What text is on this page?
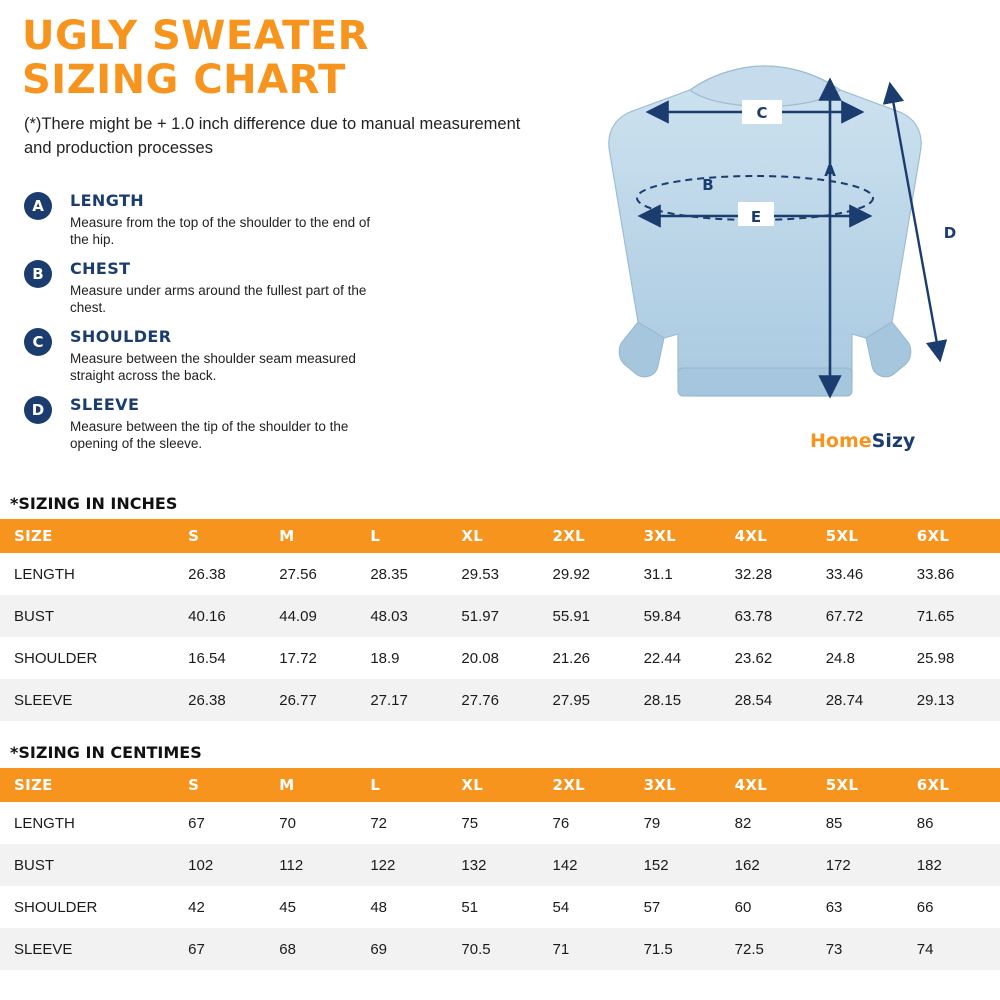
UGLY SWEATER
SIZING CHART
(*)There might be + 1.0 inch difference due to manual measurement and production processes
A	LENGTH
Measure from the top of the shoulder to the end of the hip.
B	CHEST
Measure under arms around the fullest part of the chest.
C	SHOULDER
Measure between the shoulder seam measured straight across the back.
D	SLEEVE
Measure between the tip of the shoulder to the opening of the sleeve.
C
A
B
E
D
HomeSizy
*SIZING IN INCHES
SIZE	S	M	L	XL	2XL	3XL	4XL	5XL	6XL
LENGTH	26.38	27.56	28.35	29.53	29.92	31.1	32.28	33.46	33.86
BUST	40.16	44.09	48.03	51.97	55.91	59.84	63.78	67.72	71.65
SHOULDER	16.54	17.72	18.9	20.08	21.26	22.44	23.62	24.8	25.98
SLEEVE	26.38	26.77	27.17	27.76	27.95	28.15	28.54	28.74	29.13
*SIZING IN CENTIMES
SIZE	S	M	L	XL	2XL	3XL	4XL	5XL	6XL
LENGTH	67	70	72	75	76	79	82	85	86
BUST	102	112	122	132	142	152	162	172	182
SHOULDER	42	45	48	51	54	57	60	63	66
SLEEVE	67	68	69	70.5	71	71.5	72.5	73	74
